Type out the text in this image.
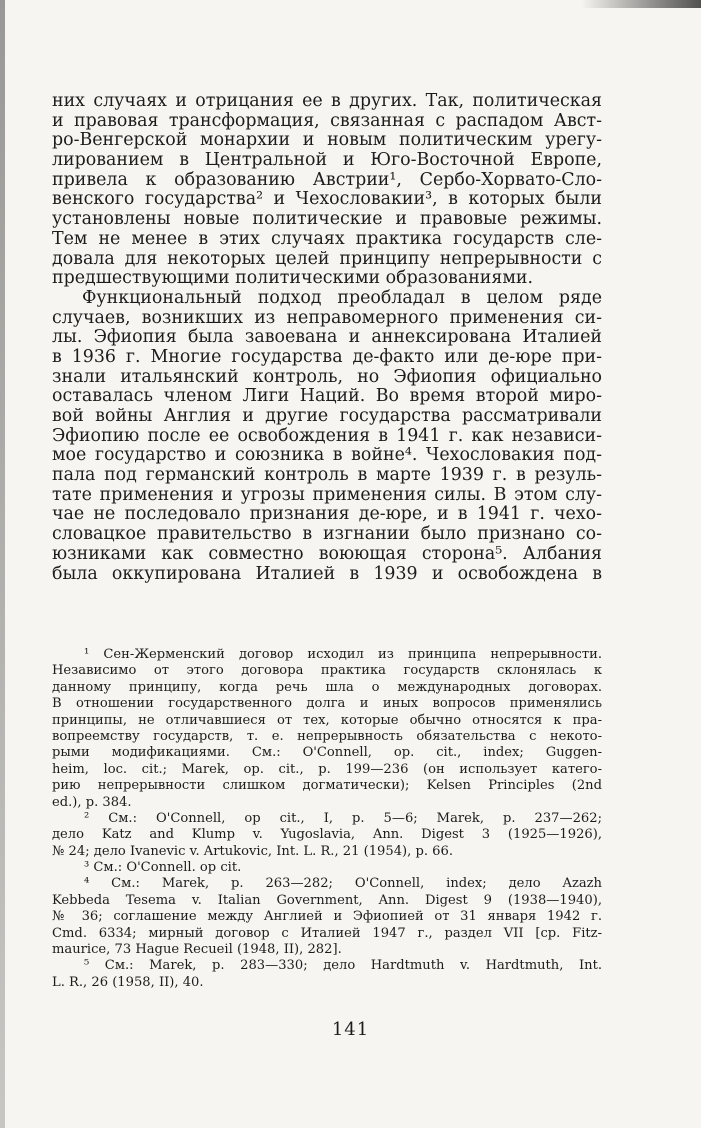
них случаях и отрицания ее в других. Так, политическая
и правовая трансформация, связанная с распадом Авст-
ро-Венгерской монархии и новым политическим урегу-
лированием в Центральной и Юго-Восточной Европе,
привела к образованию Австрии¹, Сербо-Хорвато-Сло-
венского государства² и Чехословакии³, в которых были
установлены новые политические и правовые режимы.
Тем не менее в этих случаях практика государств сле-
довала для некоторых целей принципу непрерывности с
предшествующими политическими образованиями.
Функциональный подход преобладал в целом ряде
случаев, возникших из неправомерного применения си-
лы. Эфиопия была завоевана и аннексирована Италией
в 1936 г. Многие государства де-факто или де-юре при-
знали итальянский контроль, но Эфиопия официально
оставалась членом Лиги Наций. Во время второй миро-
вой войны Англия и другие государства рассматривали
Эфиопию после ее освобождения в 1941 г. как независи-
мое государство и союзника в войне⁴. Чехословакия под-
пала под германский контроль в марте 1939 г. в резуль-
тате применения и угрозы применения силы. В этом слу-
чае не последовало признания де-юре, и в 1941 г. чехо-
словацкое правительство в изгнании было признано со-
юзниками как совместно воюющая сторона⁵. Албания
была оккупирована Италией в 1939 и освобождена в
¹ Сен-Жерменский договор исходил из принципа непрерывности.
Независимо от этого договора практика государств склонялась к
данному принципу, когда речь шла о международных договорах.
В отношении государственного долга и иных вопросов применялись
принципы, не отличавшиеся от тех, которые обычно относятся к пра-
вопреемству государств, т. е. непрерывность обязательства с некото-
рыми модификациями. См.: O'Connell, op. cit., index; Guggen-
heim, loc. cit.; Marek, op. cit., p. 199—236 (он использует катего-
рию непрерывности слишком догматически); Kelsen Principles (2nd
ed.), p. 384.
² См.: O'Connell, op cit., I, p. 5—6; Marek, p. 237—262;
дело Katz and Klump v. Yugoslavia, Ann. Digest 3 (1925—1926),
№ 24; дело Ivanevic v. Artukovic, Int. L. R., 21 (1954), p. 66.
³ См.: O'Connell. op cit.
⁴ См.: Marek, p. 263—282; O'Connell, index; дело Azazh
Kebbeda Tesema v. Italian Government, Ann. Digest 9 (1938—1940),
№ 36; соглашение между Англией и Эфиопией от 31 января 1942 г.
Cmd. 6334; мирный договор с Италией 1947 г., раздел VII [ср. Fitz-
maurice, 73 Hague Recueil (1948, II), 282].
⁵ См.: Marek, p. 283—330; дело Hardtmuth v. Hardtmuth, Int.
L. R., 26 (1958, II), 40.
141
